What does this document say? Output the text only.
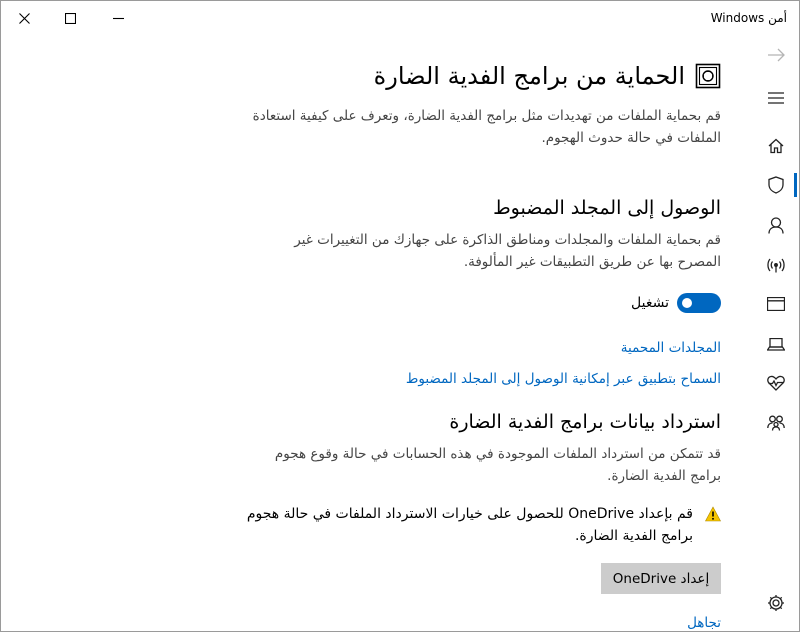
أمن Windows
الحماية من برامج الفدية الضارة
قم بحماية الملفات من تهديدات مثل برامج الفدية الضارة، وتعرف على كيفية استعادة الملفات في حالة حدوث الهجوم.
الوصول إلى المجلد المضبوط
قم بحماية الملفات والمجلدات ومناطق الذاكرة على جهازك من التغييرات غير المصرح بها عن طريق التطبيقات غير المألوفة.
تشغيل
المجلدات المحمية
السماح بتطبيق عبر إمكانية الوصول إلى المجلد المضبوط
استرداد بيانات برامج الفدية الضارة
قد تتمكن من استرداد الملفات الموجودة في هذه الحسابات في حالة وقوع هجوم برامج الفدية الضارة.
قم بإعداد OneDrive للحصول على خيارات الاسترداد الملفات في حالة هجوم برامج الفدية الضارة.
إعداد OneDrive
تجاهل
